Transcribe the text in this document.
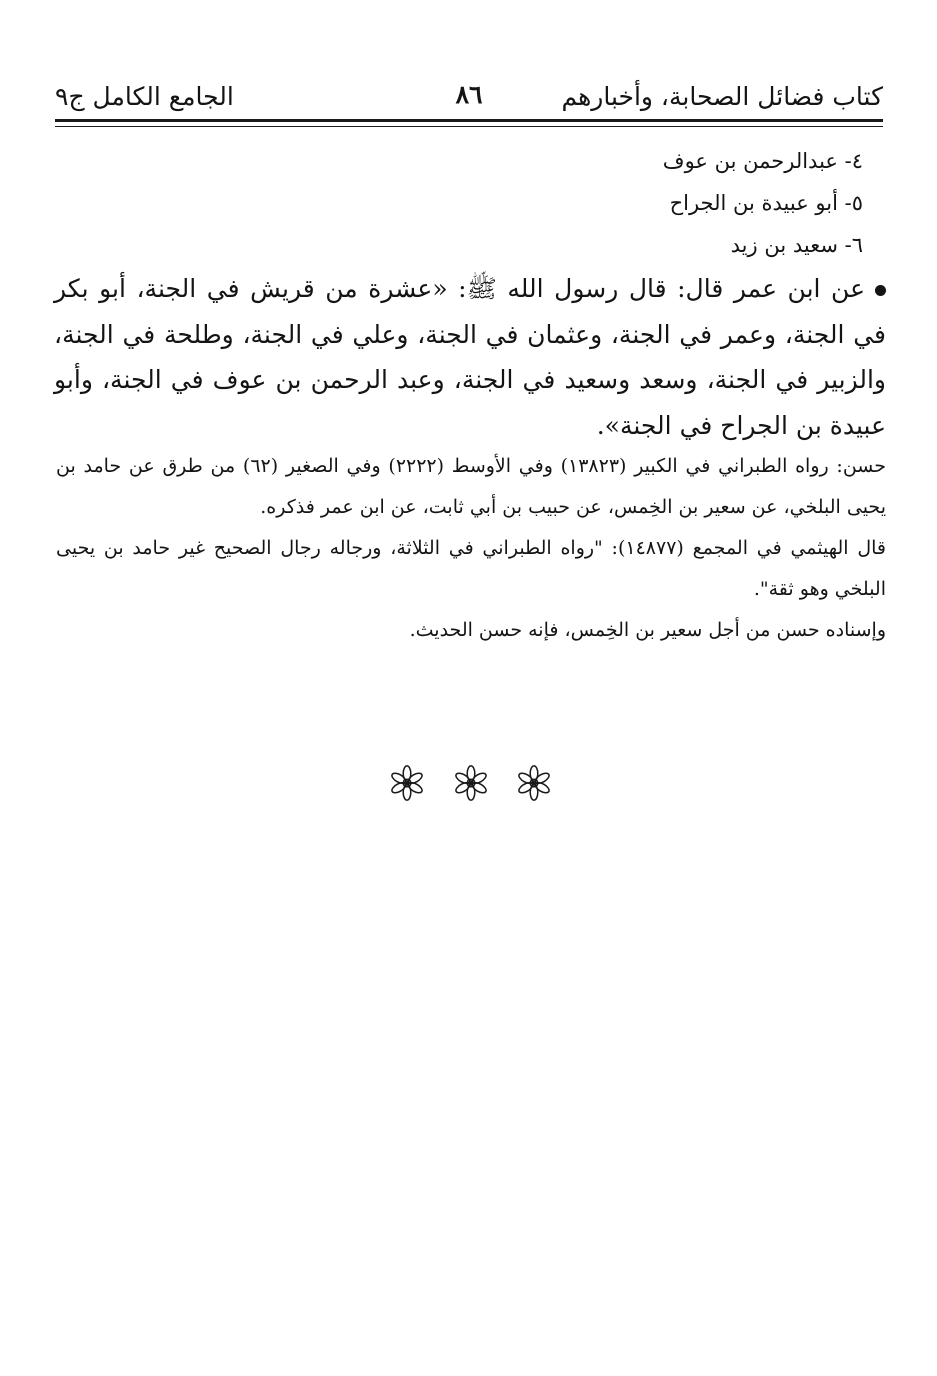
كتاب فضائل الصحابة، وأخبارهم
٨٦
الجامع الكامل ج٩
٤- عبدالرحمن بن عوف
٥- أبو عبيدة بن الجراح
٦- سعيد بن زيد

عن ابن عمر قال: قال رسول الله ﷺ: «عشرة من قريش في الجنة، أبو بكر في الجنة، وعمر في الجنة، وعثمان في الجنة، وعلي في الجنة، وطلحة في الجنة، والزبير في الجنة، وسعد وسعيد في الجنة، وعبد الرحمن بن عوف في الجنة، وأبو عبيدة بن الجراح في الجنة».

حسن: رواه الطبراني في الكبير (١٣٨٢٣) وفي الأوسط (٢٢٢٢) وفي الصغير (٦٢) من طرق عن حامد بن يحيى البلخي، عن سعير بن الخِمس، عن حبيب بن أبي ثابت، عن ابن عمر فذكره.

قال الهيثمي في المجمع (١٤٨٧٧): "رواه الطبراني في الثلاثة، ورجاله رجال الصحيح غير حامد بن يحيى البلخي وهو ثقة".

وإسناده حسن من أجل سعير بن الخِمس، فإنه حسن الحديث.
